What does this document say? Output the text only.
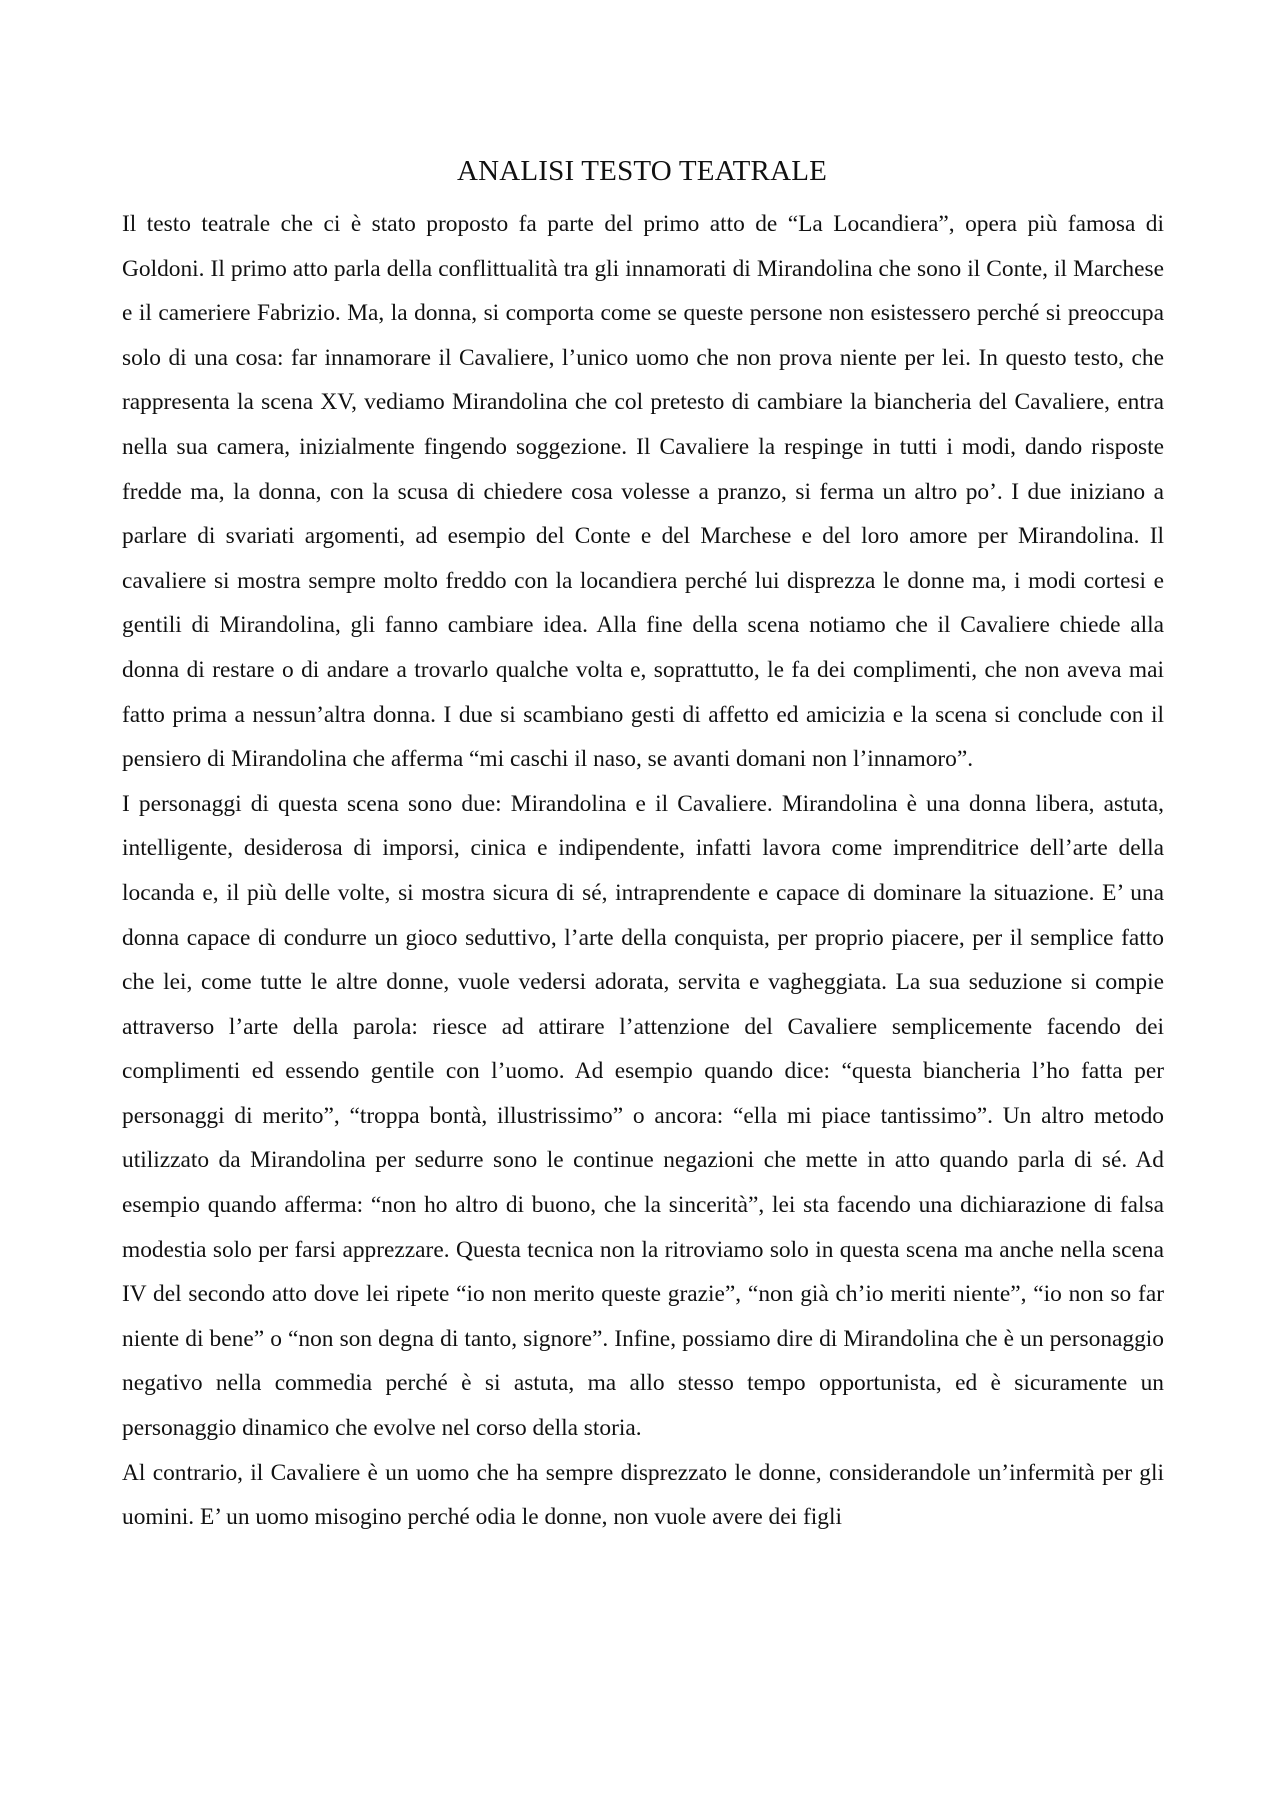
ANALISI TESTO TEATRALE

Il testo teatrale che ci è stato proposto fa parte del primo atto de “La Locandiera”, opera più famosa di Goldoni. Il primo atto parla della conflittualità tra gli innamorati di Mirandolina che sono il Conte, il Marchese e il cameriere Fabrizio. Ma, la donna, si comporta come se queste persone non esistessero perché si preoccupa solo di una cosa: far innamorare il Cavaliere, l’unico uomo che non prova niente per lei. In questo testo, che rappresenta la scena XV, vediamo Mirandolina che col pretesto di cambiare la biancheria del Cavaliere, entra nella sua camera, inizialmente fingendo soggezione. Il Cavaliere la respinge in tutti i modi, dando risposte fredde ma, la donna, con la scusa di chiedere cosa volesse a pranzo, si ferma un altro po’. I due iniziano a parlare di svariati argomenti, ad esempio del Conte e del Marchese e del loro amore per Mirandolina. Il cavaliere si mostra sempre molto freddo con la locandiera perché lui disprezza le donne ma, i modi cortesi e gentili di Mirandolina, gli fanno cambiare idea. Alla fine della scena notiamo che il Cavaliere chiede alla donna di restare o di andare a trovarlo qualche volta e, soprattutto, le fa dei complimenti, che non aveva mai fatto prima a nessun’altra donna. I due si scambiano gesti di affetto ed amicizia e la scena si conclude con il pensiero di Mirandolina che afferma “mi caschi il naso, se avanti domani non l’innamoro”.

I personaggi di questa scena sono due: Mirandolina e il Cavaliere. Mirandolina è una donna libera, astuta, intelligente, desiderosa di imporsi, cinica e indipendente, infatti lavora come imprenditrice dell’arte della locanda e, il più delle volte, si mostra sicura di sé, intraprendente e capace di dominare la situazione. E’ una donna capace di condurre un gioco seduttivo, l’arte della conquista, per proprio piacere, per il semplice fatto che lei, come tutte le altre donne, vuole vedersi adorata, servita e vagheggiata. La sua seduzione si compie attraverso l’arte della parola: riesce ad attirare l’attenzione del Cavaliere semplicemente facendo dei complimenti ed essendo gentile con l’uomo. Ad esempio quando dice: “questa biancheria l’ho fatta per personaggi di merito”, “troppa bontà, illustrissimo” o ancora: “ella mi piace tantissimo”. Un altro metodo utilizzato da Mirandolina per sedurre sono le continue negazioni che mette in atto quando parla di sé. Ad esempio quando afferma: “non ho altro di buono, che la sincerità”, lei sta facendo una dichiarazione di falsa modestia solo per farsi apprezzare. Questa tecnica non la ritroviamo solo in questa scena ma anche nella scena IV del secondo atto dove lei ripete “io non merito queste grazie”, “non già ch’io meriti niente”, “io non so far niente di bene” o “non son degna di tanto, signore”. Infine, possiamo dire di Mirandolina che è un personaggio negativo nella commedia perché è si astuta, ma allo stesso tempo opportunista, ed è sicuramente un personaggio dinamico che evolve nel corso della storia.

Al contrario, il Cavaliere è un uomo che ha sempre disprezzato le donne, considerandole un’infermità per gli uomini. E’ un uomo misogino perché odia le donne, non vuole avere dei figli
